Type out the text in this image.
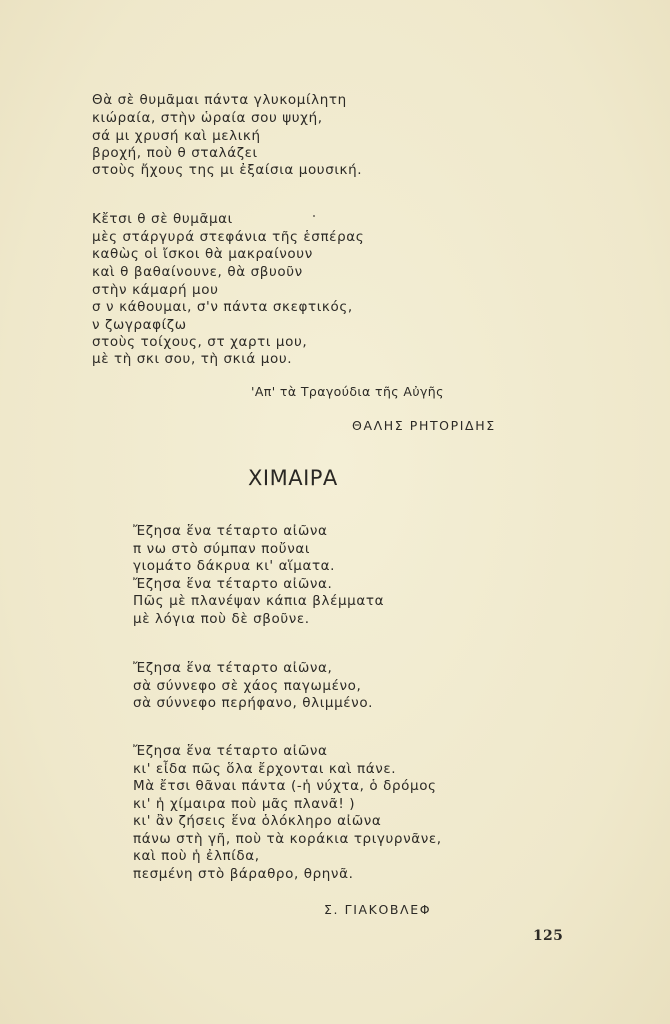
Θὰ σὲ θυμᾶμαι πάντα γλυκομίλητη

κιώραία, στὴν ὡραία σου ψυχή,

σά μι χρυσή καὶ μελική

βροχή, ποὺ θ σταλάζει

στοὺς ἤχους της μι ἐξαίσια μουσική.

Κἔτσι θ σὲ θυμᾶμαι

μὲς στάργυρά στεφάνια τῆς ἑσπέρας

καθὼς οἱ ἴσκοι θὰ μακραίνουν

καὶ θ βαθαίνουνε, θὰ σβυοῦν

στὴν κάμαρή μου

σ ν κάθουμαι, σ'ν πάντα σκεφτικός,

ν ζωγραφίζω

στοὺς τοίχους, στ χαρτι μου,

μὲ τὴ σκι σου, τὴ σκιά μου.

'Απ' τὰ Τραγούδια τῆς Αὐγῆς
ΘΑΛΗΣ ΡΗΤΟΡΙΔΗΣ
ΧΙΜΑΙΡΑ

Ἔζησα ἕνα τέταρτο αἰῶνα

π νω στὸ σύμπαν ποὔναι

γιομάτο δάκρυα κι' αἵματα.

Ἔζησα ἕνα τέταρτο αἰῶνα.

Πῶς μὲ πλανέψαν κάπια βλέμματα

μὲ λόγια ποὺ δὲ σβοῦνε.

Ἔζησα ἕνα τέταρτο αἰῶνα,

σὰ σύννεφο σὲ χάος παγωμένο,

σὰ σύννεφο περήφανο, θλιμμένο.

Ἔζησα ἕνα τέταρτο αἰῶνα

κι' εἶδα πῶς ὅλα ἔρχονται καὶ πάνε.

Μὰ ἔτσι θᾶναι πάντα (-ἡ νύχτα, ὁ δρόμος

κι' ἡ χίμαιρα ποὺ μᾶς πλανᾶ! )

κι' ἂν ζήσεις ἕνα ὁλόκληρο αἰῶνα

πάνω στὴ γῆ, ποὺ τὰ κοράκια τριγυρνᾶνε,

καὶ ποὺ ἡ ἐλπίδα,

πεσμένη στὸ βάραθρο, θρηνᾶ.

Σ. ΓΙΑΚΟΒΛΕΦ
125
